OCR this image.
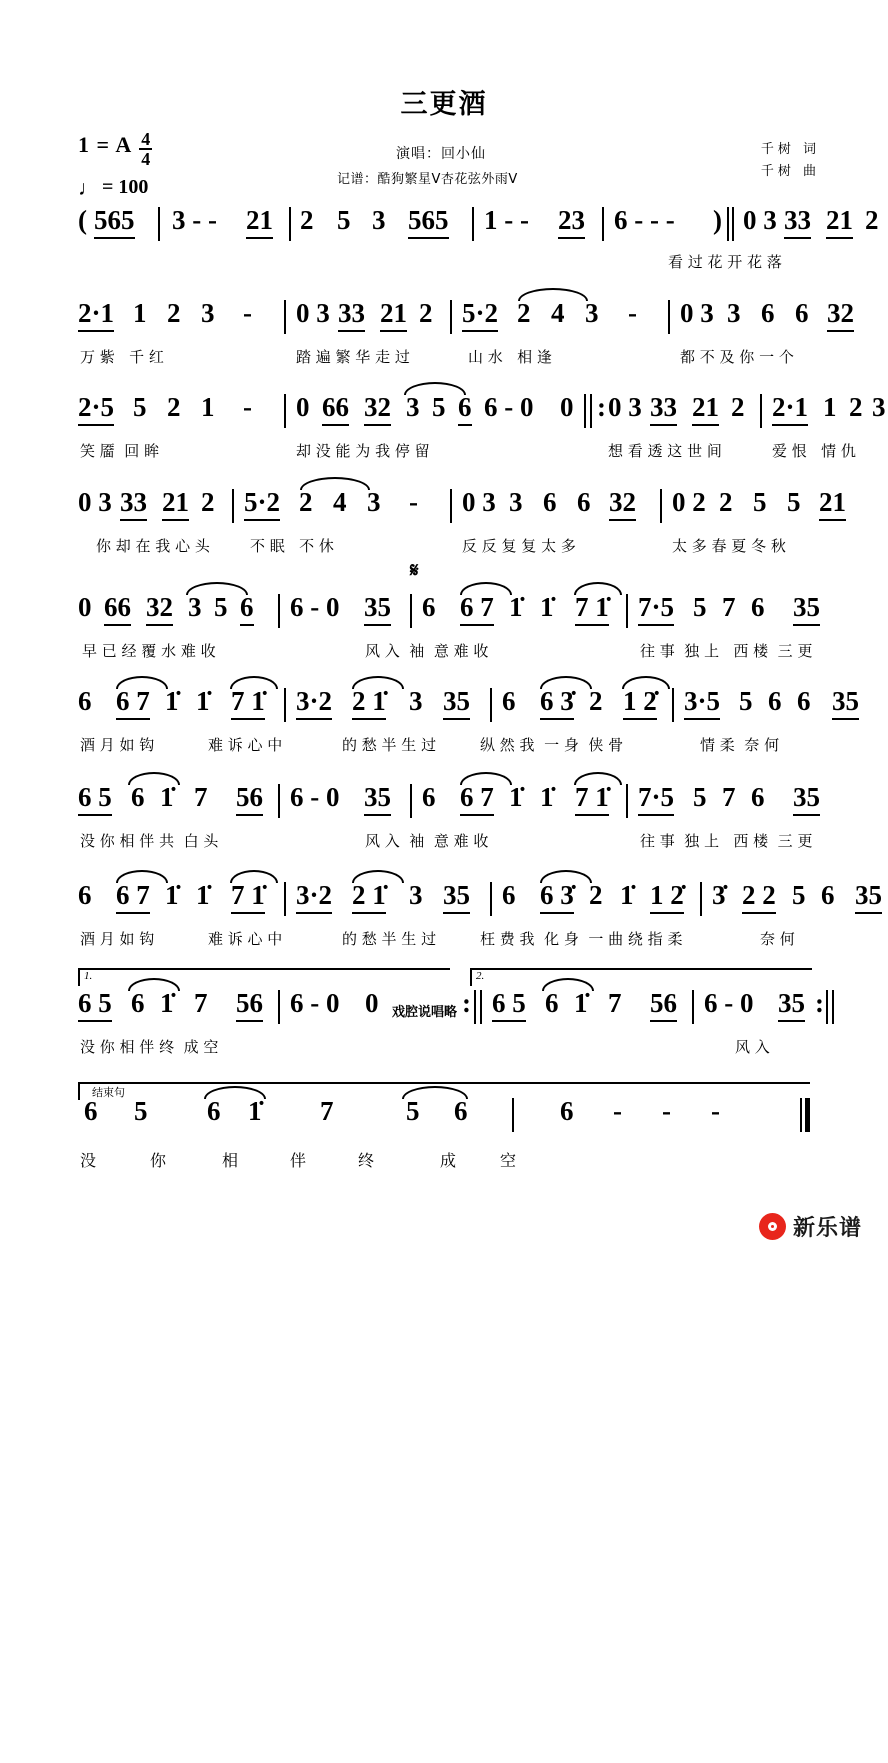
三更酒
1 = A $\frac{4}{4}$
♩ = 100
演唱：回小仙
记谱：酷狗繁星V杏花弦外雨V
千树 词
千树 曲

(

565

3 - -

21

2

5

3

565

1 - -

23

6 - - -

)

0 3

33

21

2

看 过 花 开 花 落

2·1

1

2

3

-

0 3

33

21

2

5·2

2

4

3

-

0 3

3

6

6

32

万 紫   千 红

	踏 遍 繁 华 走 过

	山 水   相 逢

	都 不 及 你 一 个

2·5

5

2

1

-

0

66

32

3

5

6

6 - 0

0

:

0 3

33

21

2

2·1

1

2

3

笑 靥  回 眸

	却 没 能 为 我 停 留

	想 看 透 这 世 间

	爱 恨   情 仇

0 3

33

21

2

5·2

2

4

3

-

0 3

3

6

6

32

0 2

2

5

5

21

你 却 在 我 心 头

	不 眠   不 休

	反 反 复 复 太 多

	太 多 春 夏 冬 秋

𝄋

0

66

32

3

5

6

6 - 0

35

6

6 7

1̇

1̇

7 1̇

7·5

5

7

6

35

早 已 经 覆 水 难 收

	风 入  袖  意 难 收

	往 事  独 上   西 楼  三 更

6

6 7

1̇

1̇

7 1̇

3·2

2 1̇

3

35

6

6 3̇

2

1 2̇

3·5

5

6

6

35

酒 月 如 钩

	难 诉 心 中

	的 愁 半 生 过

	纵 然 我  一 身  侠 骨

	情 柔  奈 何

6 5

6

1̇

7

56

6 - 0

35

6

6 7

1̇

1̇

7 1̇

7·5

5

7

6

35

没 你 相 伴 共  白 头

	风 入  袖  意 难 收

	往 事  独 上   西 楼  三 更

6

6 7

1̇

1̇

7 1̇

3·2

2 1̇

3

35

6

6 3̇

2

1̇

1 2̇

3̇

2 2

5

6

35

酒 月 如 钩

	难 诉 心 中

	的 愁 半 生 过

	枉 费 我  化 身  一 曲 绕 指 柔

	奈 何

1.	2.

6 5

6

1̇

7

56

6 - 0

0

戏腔说唱略

:

6 5

6

1̇

7

56

6 - 0

35

:

没 你 相 伴 终  成 空

	风 入

结束句

6

5

6

1̇

7

	5

6

	6

-

-

-

没

	你

	相

	伴

	终

	成

	空

新乐谱
